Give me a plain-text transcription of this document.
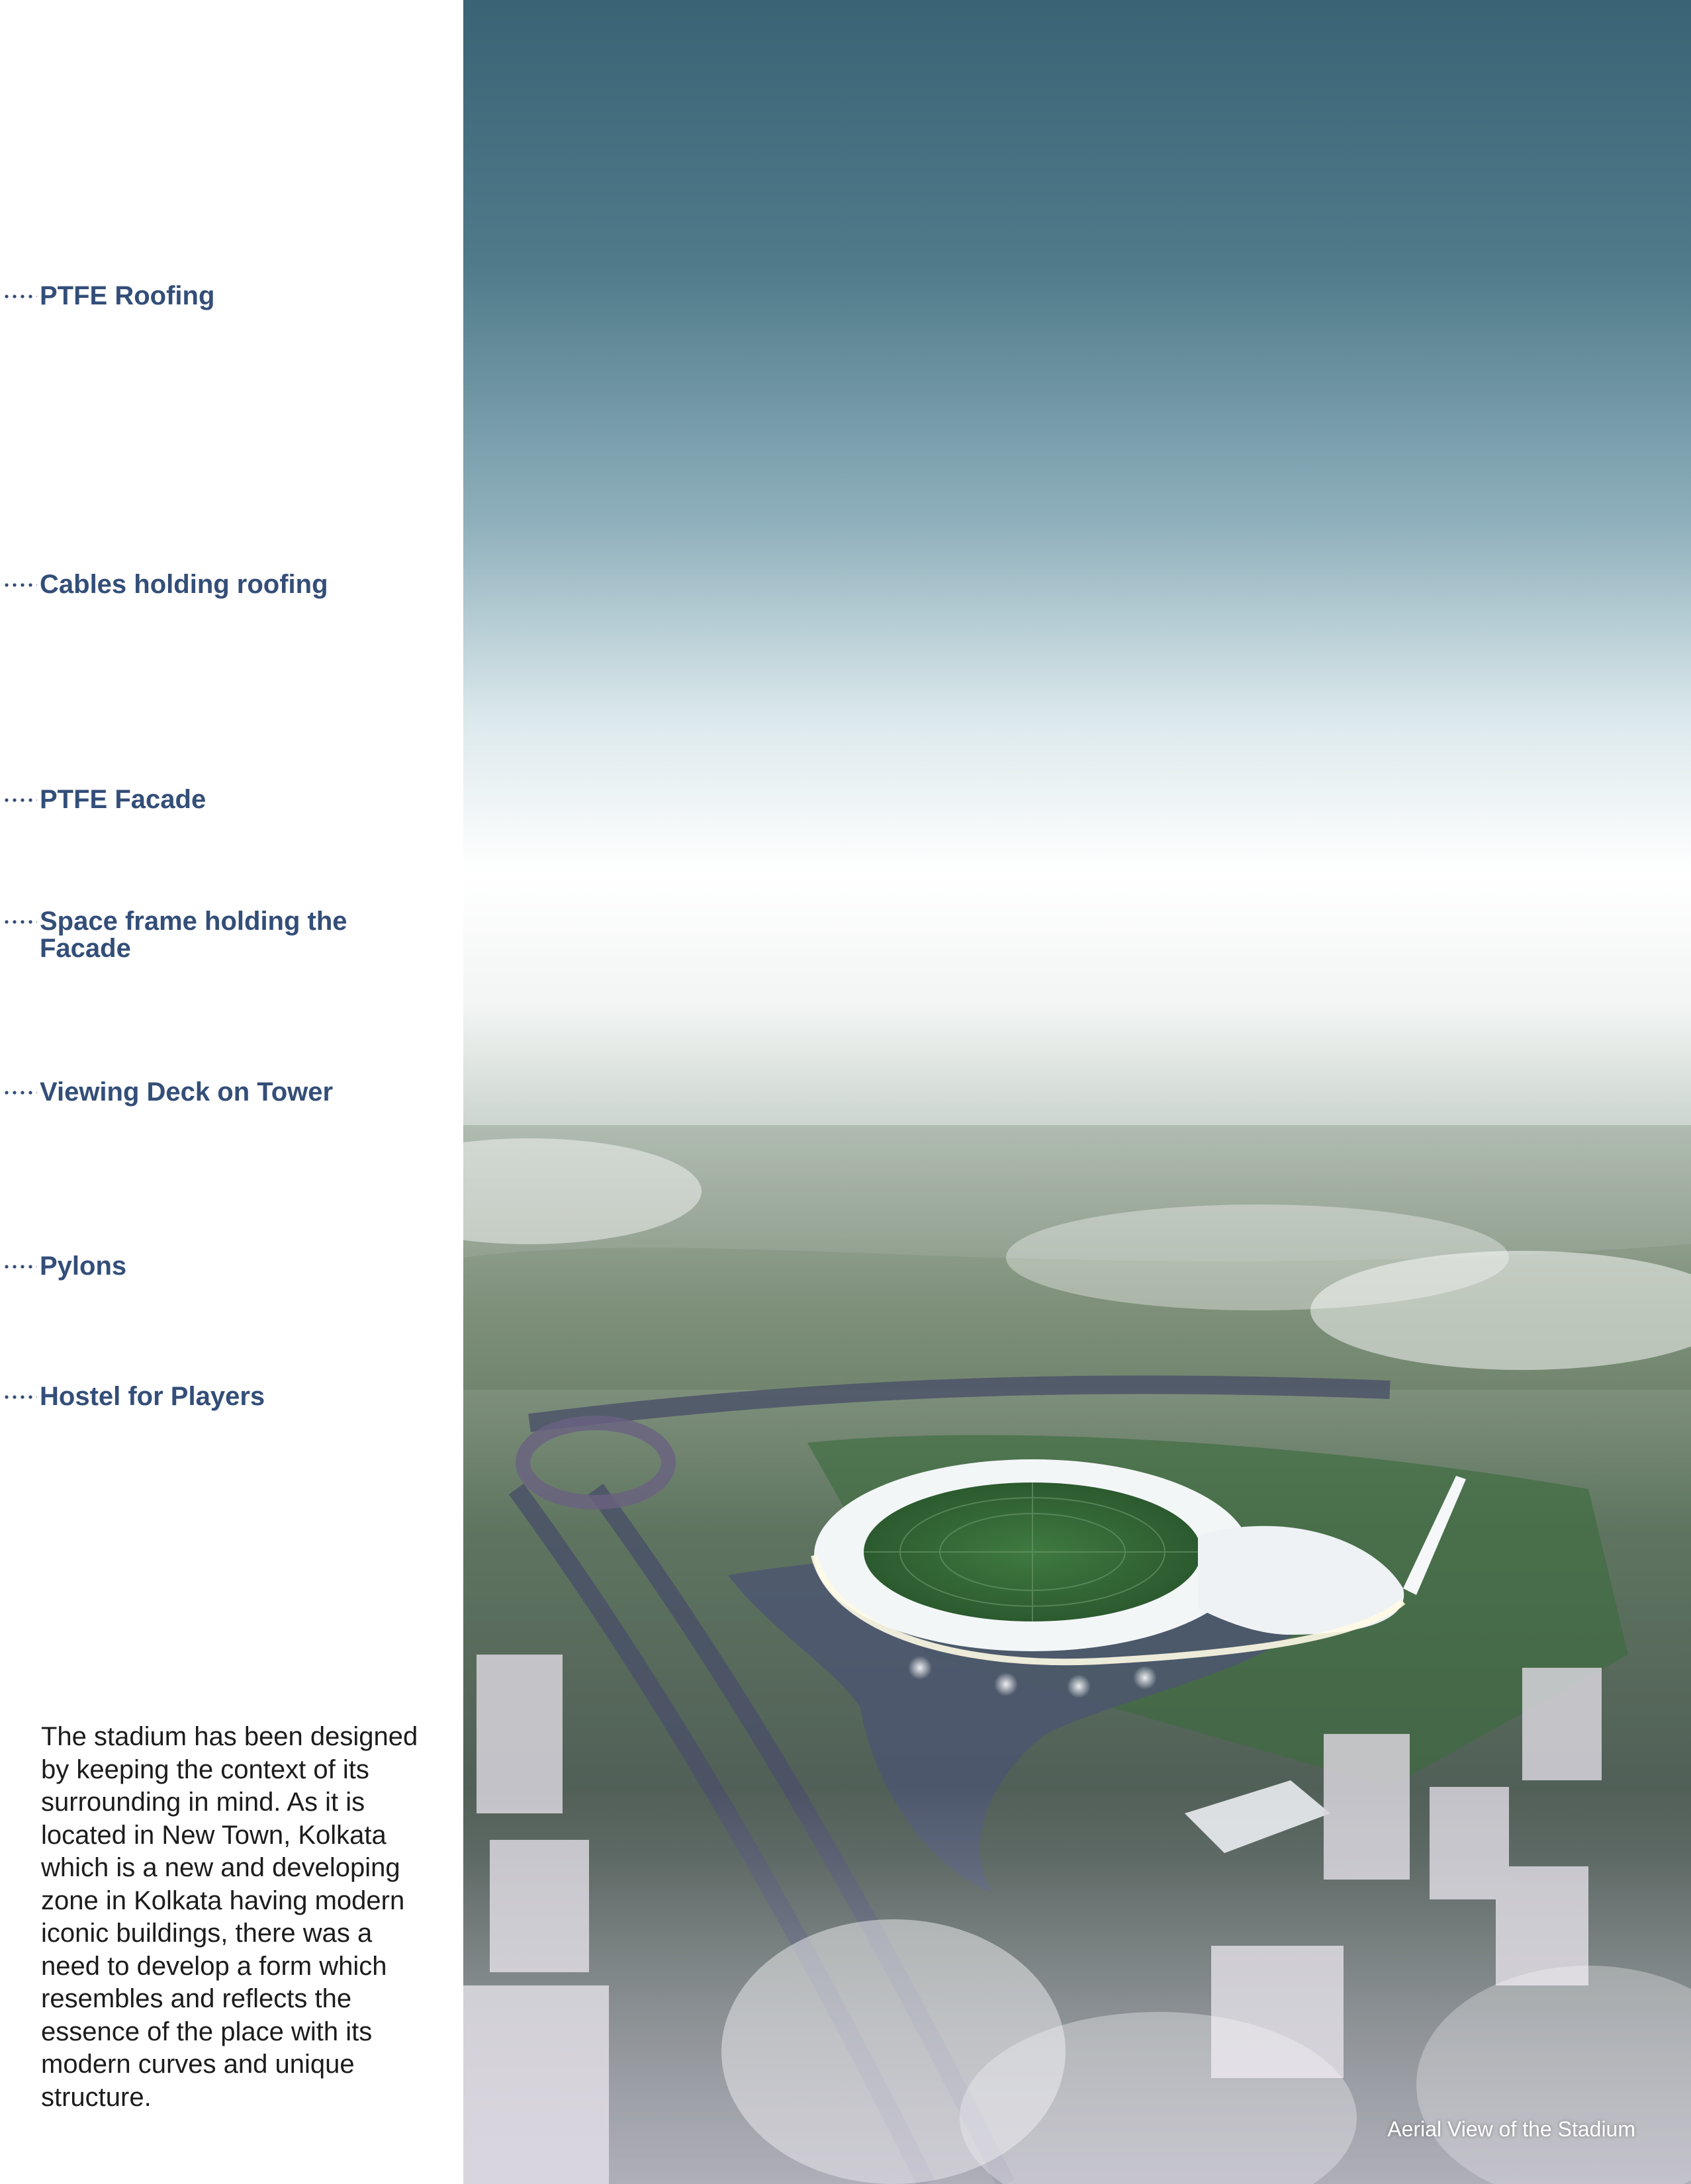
PTFE Roofing
Cables holding roofing
PTFE Facade
Space frame holding the Facade
Viewing Deck on Tower
Pylons
Hostel for Players

The stadium has been designed by keeping the context of its surrounding in mind. As it is located in New Town, Kolkata which is a new and developing zone in Kolkata having modern iconic buildings, there was a need to develop a form which resembles and reflects the essence of the place with its modern curves and unique structure.

Aerial View of the Stadium
